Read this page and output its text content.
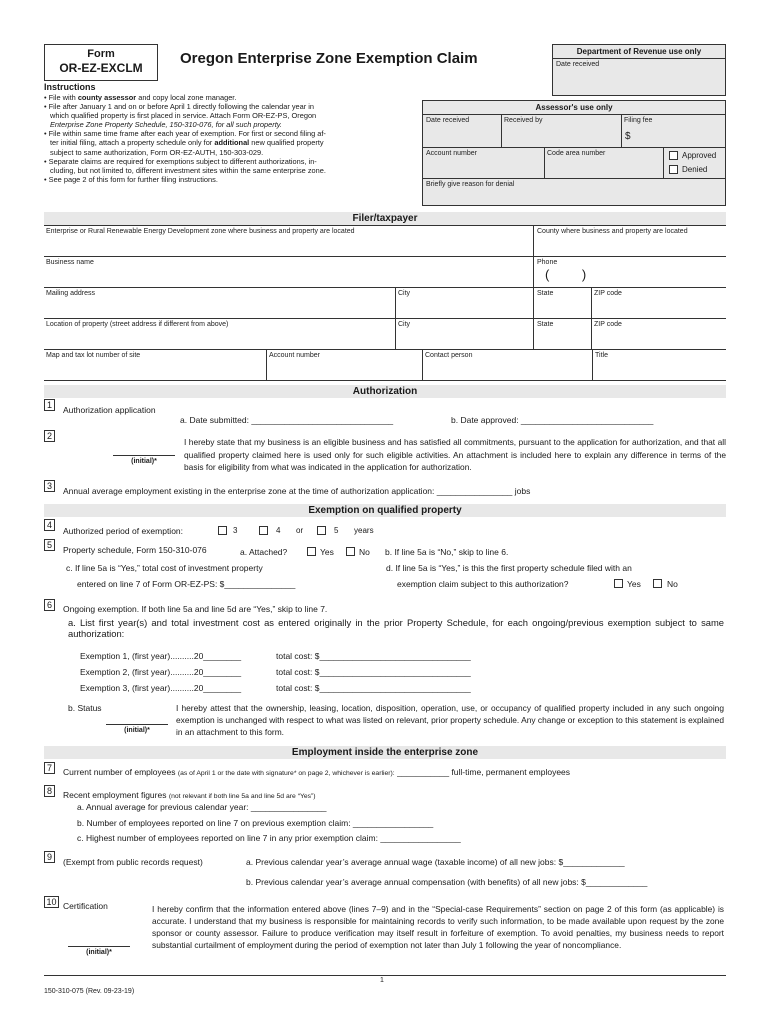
Form
OR-EZ-EXCLM
Oregon Enterprise Zone Exemption Claim	Department of Revenue use only
Date received
Instructions
• File with county assessor and copy local zone manager.
• File after January 1 and on or before April 1 directly following the calendar year in
which qualified property is first placed in service. Attach Form OR-EZ-PS, Oregon
Enterprise Zone Property Schedule, 150-310-076, for all such property.
• File within same time frame after each year of exemption. For first or second filing af-
ter initial filing, attach a property schedule only for additional new qualified property
subject to same authorization, Form OR-EZ-AUTH, 150-303-029.
• Separate claims are required for exemptions subject to different authorizations, in-
cluding, but not limited to, different investment sites within the same enterprise zone.
• See page 2 of this form for further filing instructions.
Assessor's use only
Date received	Received by	Filing fee
$
Account number	Code area number	Approved
Denied
Briefly give reason for denial
Filer/taxpayer
Enterprise or Rural Renewable Energy Development zone where business and property are located	County where business and property are located
Business name	Phone
(         )
Mailing address	City	State	ZIP code
Location of property (street address if different from above)	City	State	ZIP code
Map and tax lot number of site	Account number	Contact person	Title
Authorization
1	Authorization application
a. Date submitted: ______________________________	b. Date approved: ____________________________
2
(initial)*
I hereby state that my business is an eligible business and has satisfied all commitments, pursuant to the application for authorization, and that all qualified property claimed here is used only for such eligible activities. An attachment is included here to explain any difference in terms of the basis for eligibility from what was indicated in the application for authorization.
3	Annual average employment existing in the enterprise zone at the time of authorization application: ________________ jobs
Exemption on qualified property
4
Authorized period of exemption:	3	4 or	5 years
5	Property schedule, Form 150-310-076	a. Attached?	Yes	No b. If line 5a is “No,” skip to line 6.
c. If line 5a is “Yes,” total cost of investment property
entered on line 7 of Form OR-EZ-PS: $_______________
d. If line 5a is “Yes,” is this the first property schedule filed with an
exemption claim subject to this authorization?	Yes	No
6	Ongoing exemption. If both line 5a and line 5d are “Yes,” skip to line 7.
a. List first year(s) and total investment cost as entered originally in the prior Property Schedule, for each ongoing/previous exemption subject to same authorization:
Exemption 1, (first year)..........20________	total cost: $________________________________
Exemption 2, (first year)..........20________	total cost: $________________________________
Exemption 3, (first year)..........20________	total cost: $________________________________
b. Status
(initial)*
I hereby attest that the ownership, leasing, location, disposition, operation, use, or occupancy of qualified property included in any such ongoing exemption is unchanged with respect to what was listed on relevant, prior property schedule. Any change or exception to this statement is explained in an attachment to this form.
Employment inside the enterprise zone
7	Current number of employees (as of April 1 or the date with signature* on page 2, whichever is earlier): ___________ full-time, permanent employees
8	Recent employment figures (not relevant if both line 5a and line 5d are “Yes”)
a. Annual average for previous calendar year: ________________
b. Number of employees reported on line 7 on previous exemption claim: _________________
c. Highest number of employees reported on line 7 in any prior exemption claim: _________________
9	(Exempt from public records request)	a. Previous calendar year’s average annual wage (taxable income) of all new jobs: $_____________
b. Previous calendar year’s average annual compensation (with benefits) of all new jobs: $_____________
10 Certification
(initial)*
I hereby confirm that the information entered above (lines 7–9) and in the “Special-case Requirements” section on page 2 of this form (as applicable) is accurate. I understand that my business is responsible for maintaining records to verify such information, to be made available upon request by the zone sponsor or county assessor. Failure to produce verification may itself result in forfeiture of exemption. To avoid penalties, my business needs to report substantial curtailment of employment during the period of exemption not later than July 1 following the year of noncompliance.
1
150-310-075 (Rev. 09-23-19)
